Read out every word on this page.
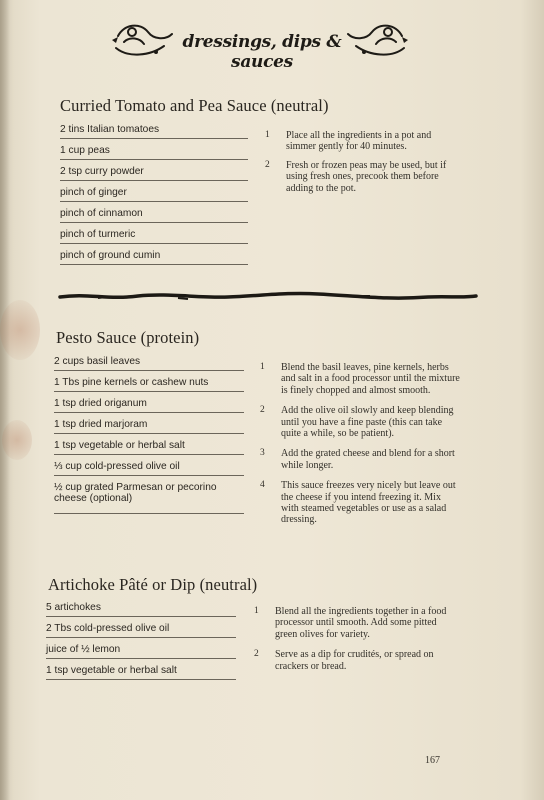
dressings, dips & sauces
Curried Tomato and Pea Sauce (neutral)
2 tins Italian tomatoes
1 cup peas
2 tsp curry powder
pinch of ginger
pinch of cinnamon
pinch of turmeric
pinch of ground cumin
1 Place all the ingredients in a pot and simmer gently for 40 minutes.
2 Fresh or frozen peas may be used, but if using fresh ones, precook them before adding to the pot.
Pesto Sauce (protein)
2 cups basil leaves
1 Tbs pine kernels or cashew nuts
1 tsp dried origanum
1 tsp dried marjoram
1 tsp vegetable or herbal salt
⅓ cup cold-pressed olive oil
½ cup grated Parmesan or pecorino cheese (optional)
1 Blend the basil leaves, pine kernels, herbs and salt in a food processor until the mixture is finely chopped and almost smooth.
2 Add the olive oil slowly and keep blending until you have a fine paste (this can take quite a while, so be patient).
3 Add the grated cheese and blend for a short while longer.
4 This sauce freezes very nicely but leave out the cheese if you intend freezing it. Mix with steamed vegetables or use as a salad dressing.
Artichoke Pâté or Dip (neutral)
5 artichokes
2 Tbs cold-pressed olive oil
juice of ½ lemon
1 tsp vegetable or herbal salt
1 Blend all the ingredients together in a food processor until smooth. Add some pitted green olives for variety.
2 Serve as a dip for crudités, or spread on crackers or bread.
167
